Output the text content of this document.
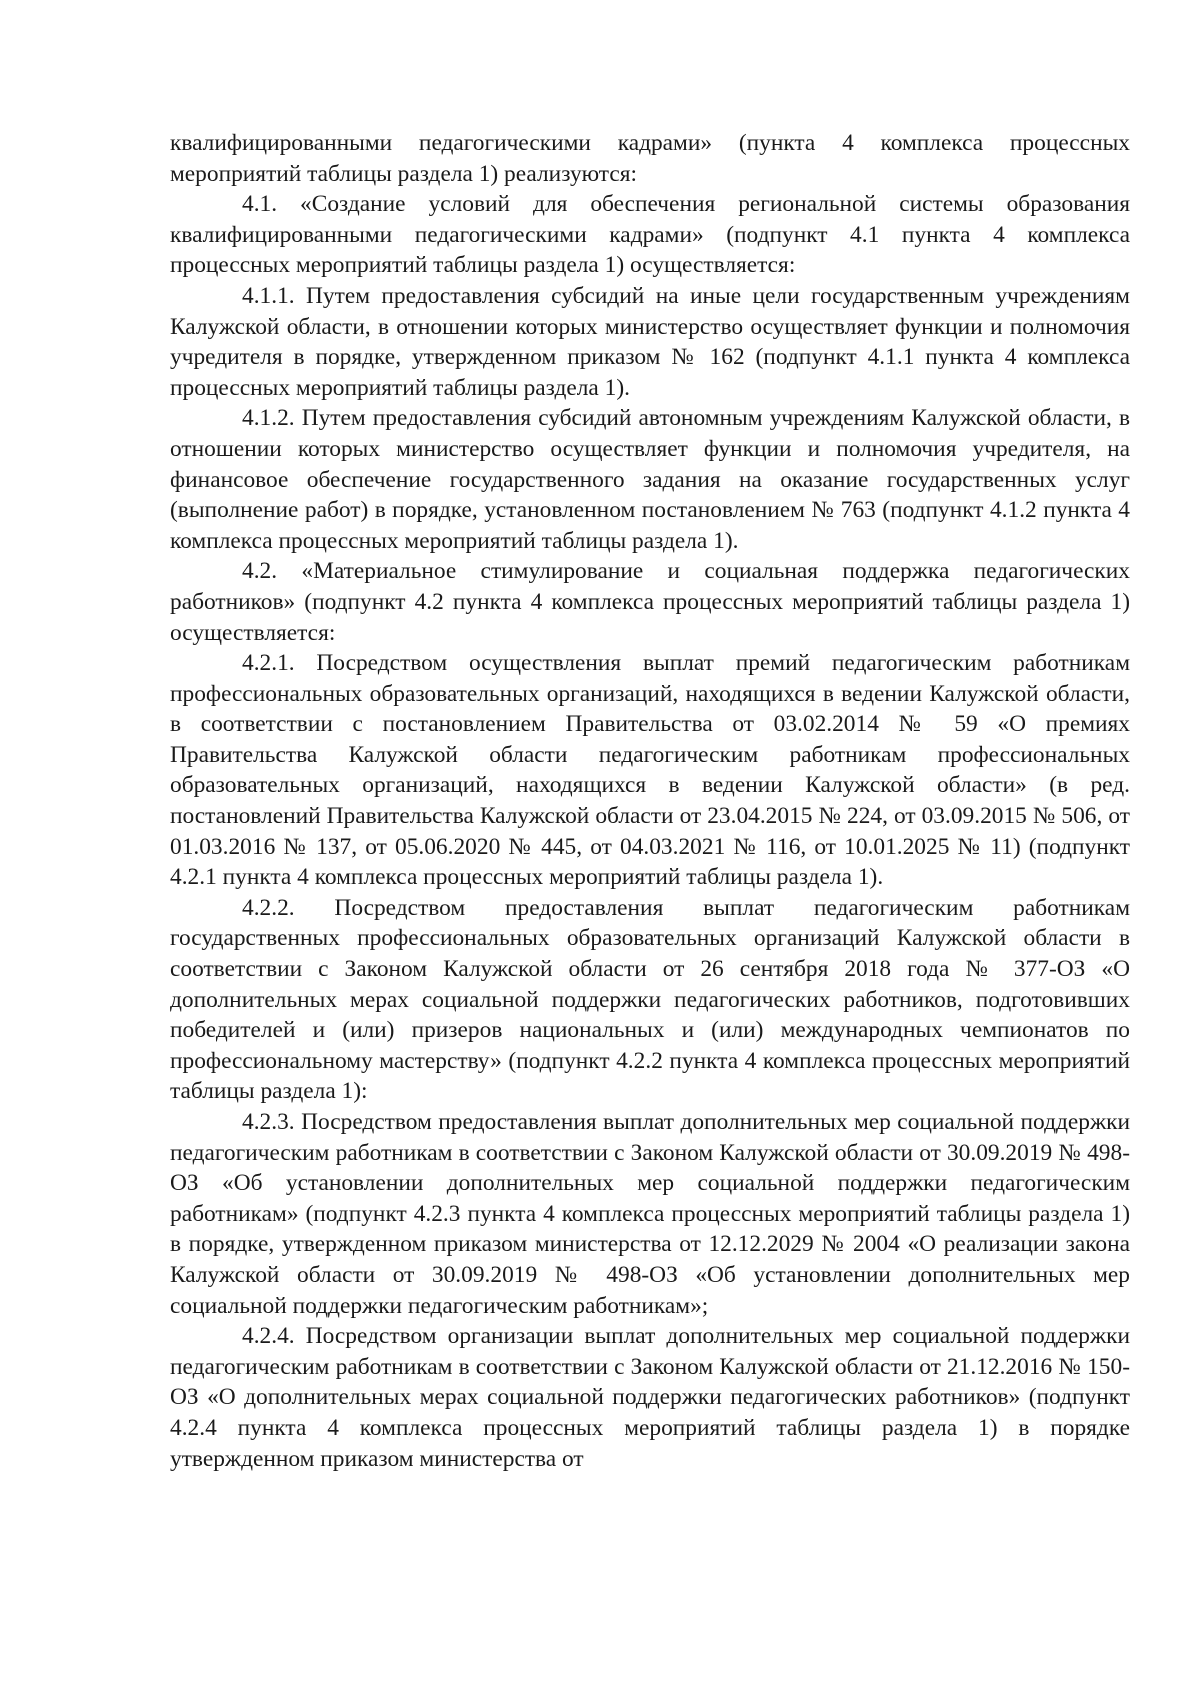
квалифицированными педагогическими кадрами» (пункта 4 комплекса процессных мероприятий таблицы раздела 1) реализуются:

4.1. «Создание условий для обеспечения региональной системы образования квалифицированными педагогическими кадрами» (подпункт 4.1 пункта 4 комплекса процессных мероприятий таблицы раздела 1) осуществляется:

4.1.1. Путем предоставления субсидий на иные цели государственным учреждениям Калужской области, в отношении которых министерство осуществляет функции и полномочия учредителя в порядке, утвержденном приказом № 162 (подпункт 4.1.1 пункта 4 комплекса процессных мероприятий таблицы раздела 1).

4.1.2. Путем предоставления субсидий автономным учреждениям Калужской области, в отношении которых министерство осуществляет функции и полномочия учредителя, на финансовое обеспечение государственного задания на оказание государственных услуг (выполнение работ) в порядке, установленном постановлением № 763 (подпункт 4.1.2 пункта 4 комплекса процессных мероприятий таблицы раздела 1).

4.2. «Материальное стимулирование и социальная поддержка педагогических работников» (подпункт 4.2 пункта 4 комплекса процессных мероприятий таблицы раздела 1) осуществляется:

4.2.1. Посредством осуществления выплат премий педагогическим работникам профессиональных образовательных организаций, находящихся в ведении Калужской области, в соответствии с постановлением Правительства от 03.02.2014 № 59 «О премиях Правительства Калужской области педагогическим работникам профессиональных образовательных организаций, находящихся в ведении Калужской области» (в ред. постановлений Правительства Калужской области от 23.04.2015 № 224, от 03.09.2015 № 506, от 01.03.2016 № 137, от 05.06.2020 № 445, от 04.03.2021 № 116, от 10.01.2025 № 11) (подпункт 4.2.1 пункта 4 комплекса процессных мероприятий таблицы раздела 1).

4.2.2. Посредством предоставления выплат педагогическим работникам государственных профессиональных образовательных организаций Калужской области в соответствии с Законом Калужской области от 26 сентября 2018 года № 377-ОЗ «О дополнительных мерах социальной поддержки педагогических работников, подготовивших победителей и (или) призеров национальных и (или) международных чемпионатов по профессиональному мастерству» (подпункт 4.2.2 пункта 4 комплекса процессных мероприятий таблицы раздела 1):

4.2.3. Посредством предоставления выплат дополнительных мер социальной поддержки педагогическим работникам в соответствии с Законом Калужской области от 30.09.2019 № 498-ОЗ «Об установлении дополнительных мер социальной поддержки педагогическим работникам» (подпункт 4.2.3 пункта 4 комплекса процессных мероприятий таблицы раздела 1) в порядке, утвержденном приказом министерства от 12.12.2029 № 2004 «О реализации закона Калужской области от 30.09.2019 № 498-ОЗ «Об установлении дополнительных мер социальной поддержки педагогическим работникам»;

4.2.4. Посредством организации выплат дополнительных мер социальной поддержки педагогическим работникам в соответствии с Законом Калужской области от 21.12.2016 № 150-ОЗ «О дополнительных мерах социальной поддержки педагогических работников» (подпункт 4.2.4 пункта 4 комплекса процессных мероприятий таблицы раздела 1) в порядке утвержденном приказом министерства от
